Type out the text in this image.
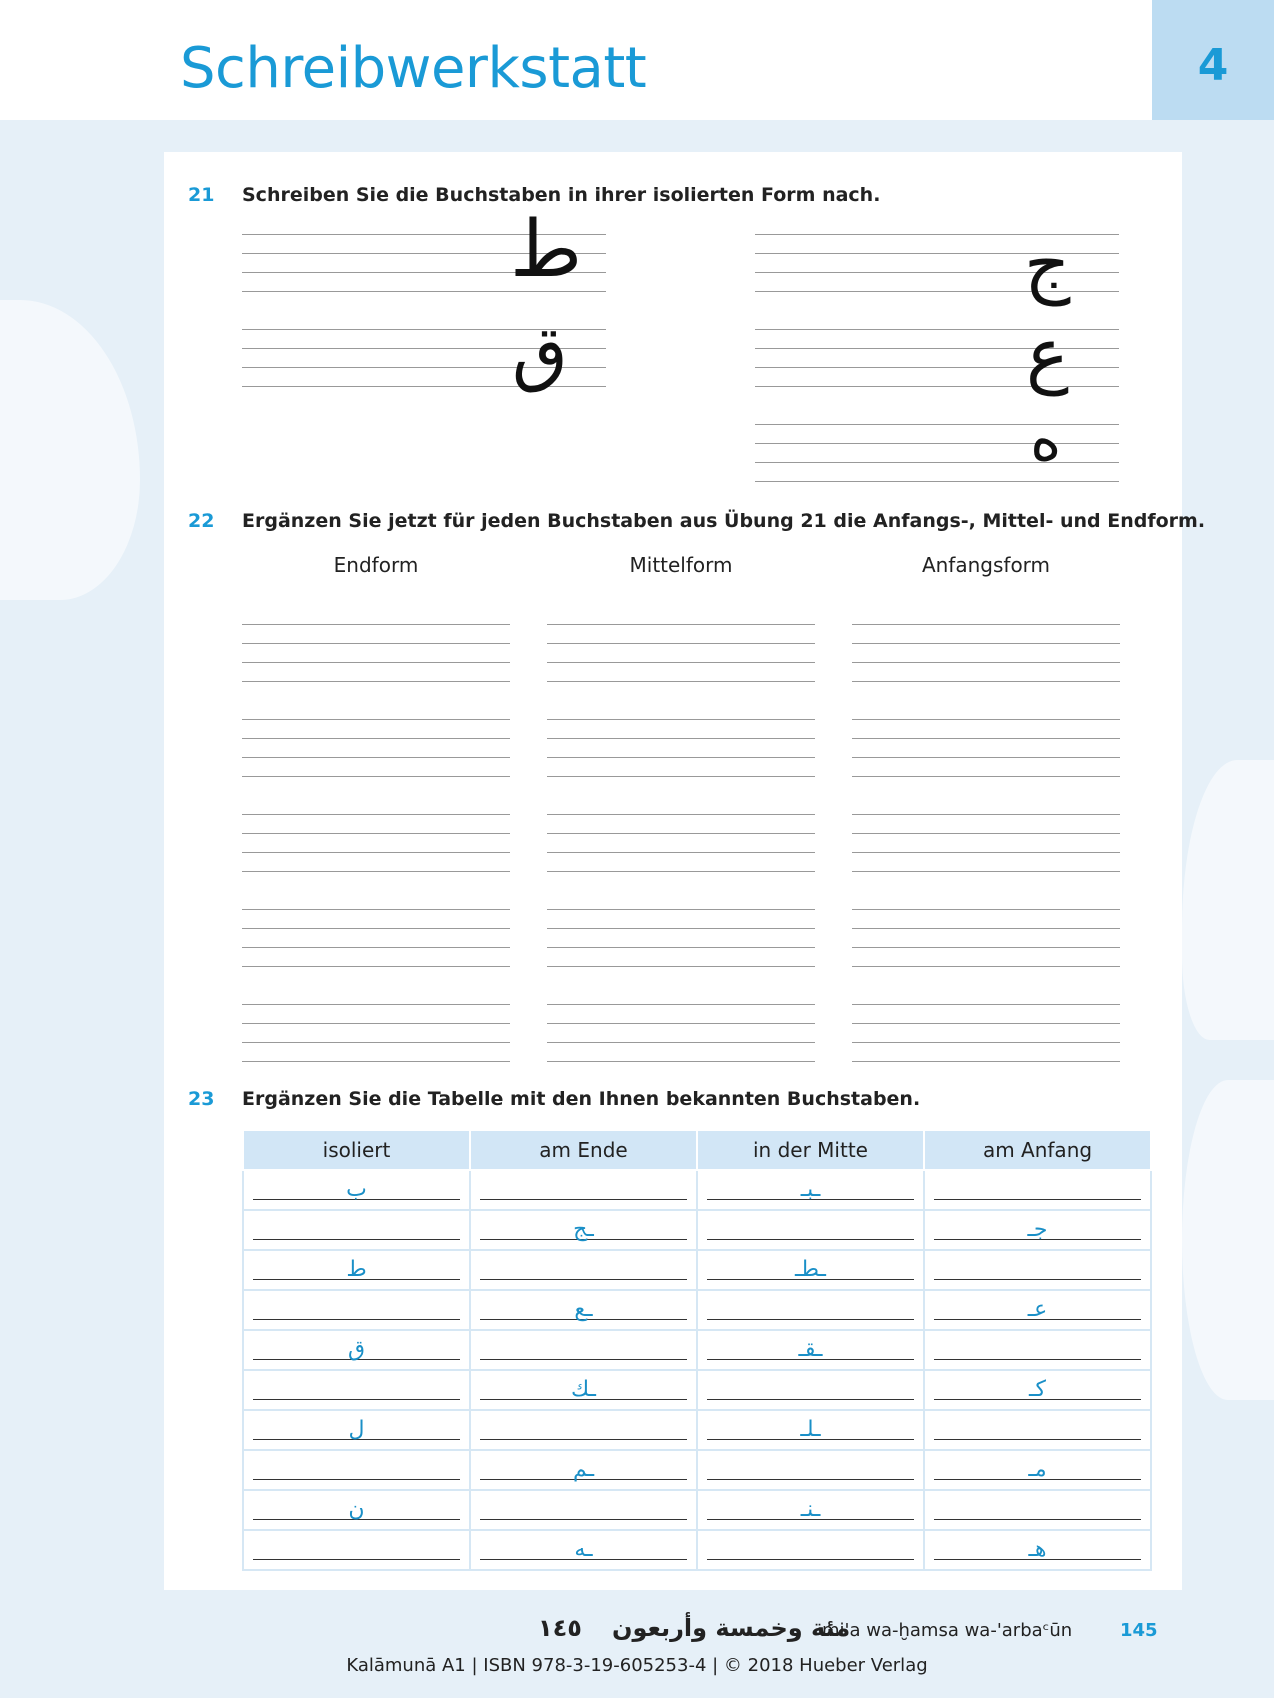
Schreibwerkstatt	4
21 Schreiben Sie die Buchstaben in ihrer isolierten Form nach.
ط
ق
ج
ع
ه
22 Ergänzen Sie jetzt für jeden Buchstaben aus Übung 21 die Anfangs-, Mittel- und Endform.
Endform	Mittelform	Anfangsform
23 Ergänzen Sie die Tabelle mit den Ihnen bekannten Buchstaben.
isoliert	am Ende	in der Mitte	am Anfang

ب		ـبـ	

	ـج		جـ

ط		ـطـ	

	ـع		عـ

ق		ـقـ	

	ـك		كـ

ل		ـلـ	

	ـم		مـ

ن		ـنـ	

	ـه		هـ
١٤٥ مئة وخمسة وأربعون
mi'a wa-ḫamsa wa-'arbaᶜūn	145
Kalāmunā A1 | ISBN 978-3-19-605253-4 | © 2018 Hueber Verlag
